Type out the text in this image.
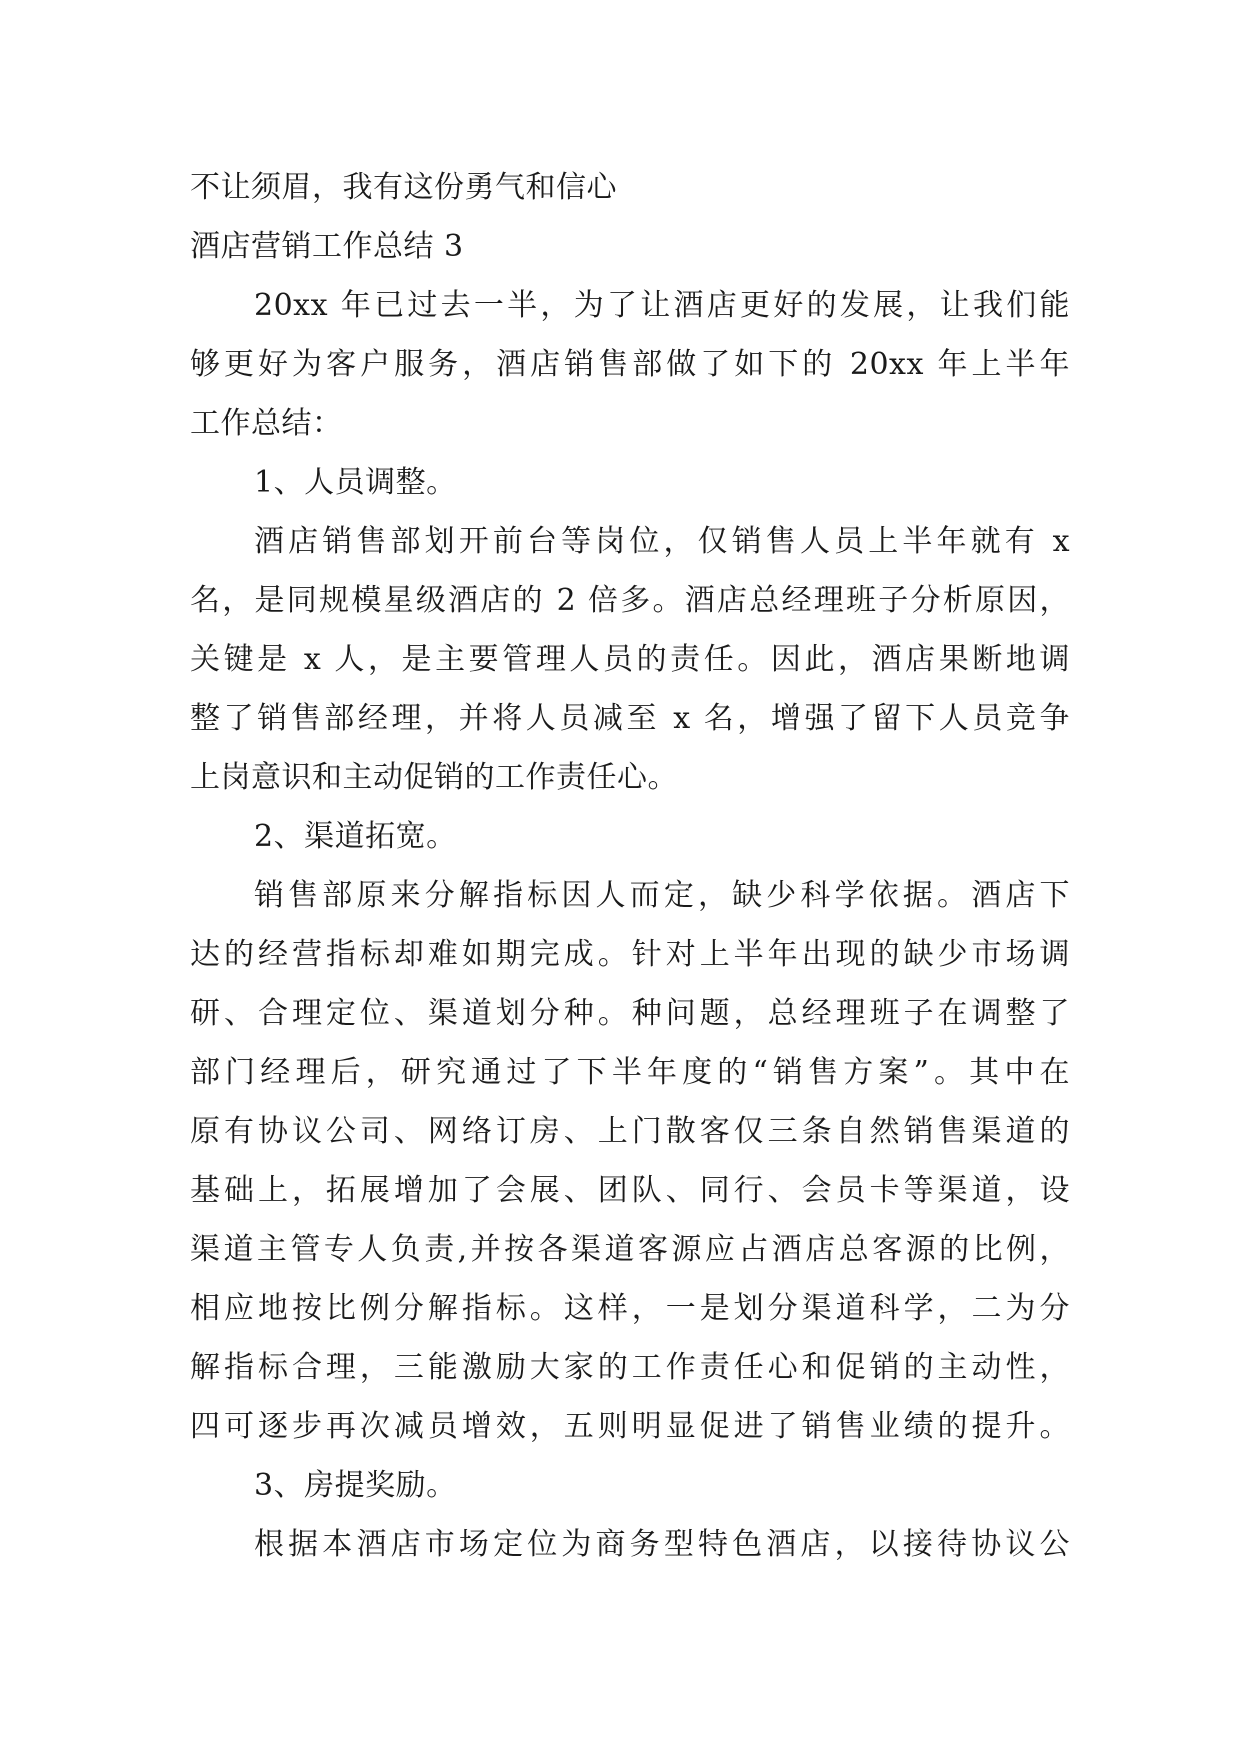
不让须眉，我有这份勇气和信心
酒店营销工作总结 3
20xx 年已过去一半，为了让酒店更好的发展，让我们能
够更好为客户服务，酒店销售部做了如下的 20xx 年上半年
工作总结：
1、人员调整。
酒店销售部划开前台等岗位，仅销售人员上半年就有 x
名，是同规模星级酒店的 2 倍多。酒店总经理班子分析原因，
关键是 x 人，是主要管理人员的责任。因此，酒店果断地调
整了销售部经理，并将人员减至 x 名，增强了留下人员竞争
上岗意识和主动促销的工作责任心。
2、渠道拓宽。
销售部原来分解指标因人而定，缺少科学依据。酒店下
达的经营指标却难如期完成。针对上半年出现的缺少市场调
研、合理定位、渠道划分种。种问题，总经理班子在调整了
部门经理后，研究通过了下半年度的“销售方案”。其中在
原有协议公司、网络订房、上门散客仅三条自然销售渠道的
基础上，拓展增加了会展、团队、同行、会员卡等渠道，设
渠道主管专人负责,并按各渠道客源应占酒店总客源的比例，
相应地按比例分解指标。这样，一是划分渠道科学，二为分
解指标合理，三能激励大家的工作责任心和促销的主动性，
四可逐步再次减员增效，五则明显促进了销售业绩的提升。
3、房提奖励。
根据本酒店市场定位为商务型特色酒店，以接待协议公
